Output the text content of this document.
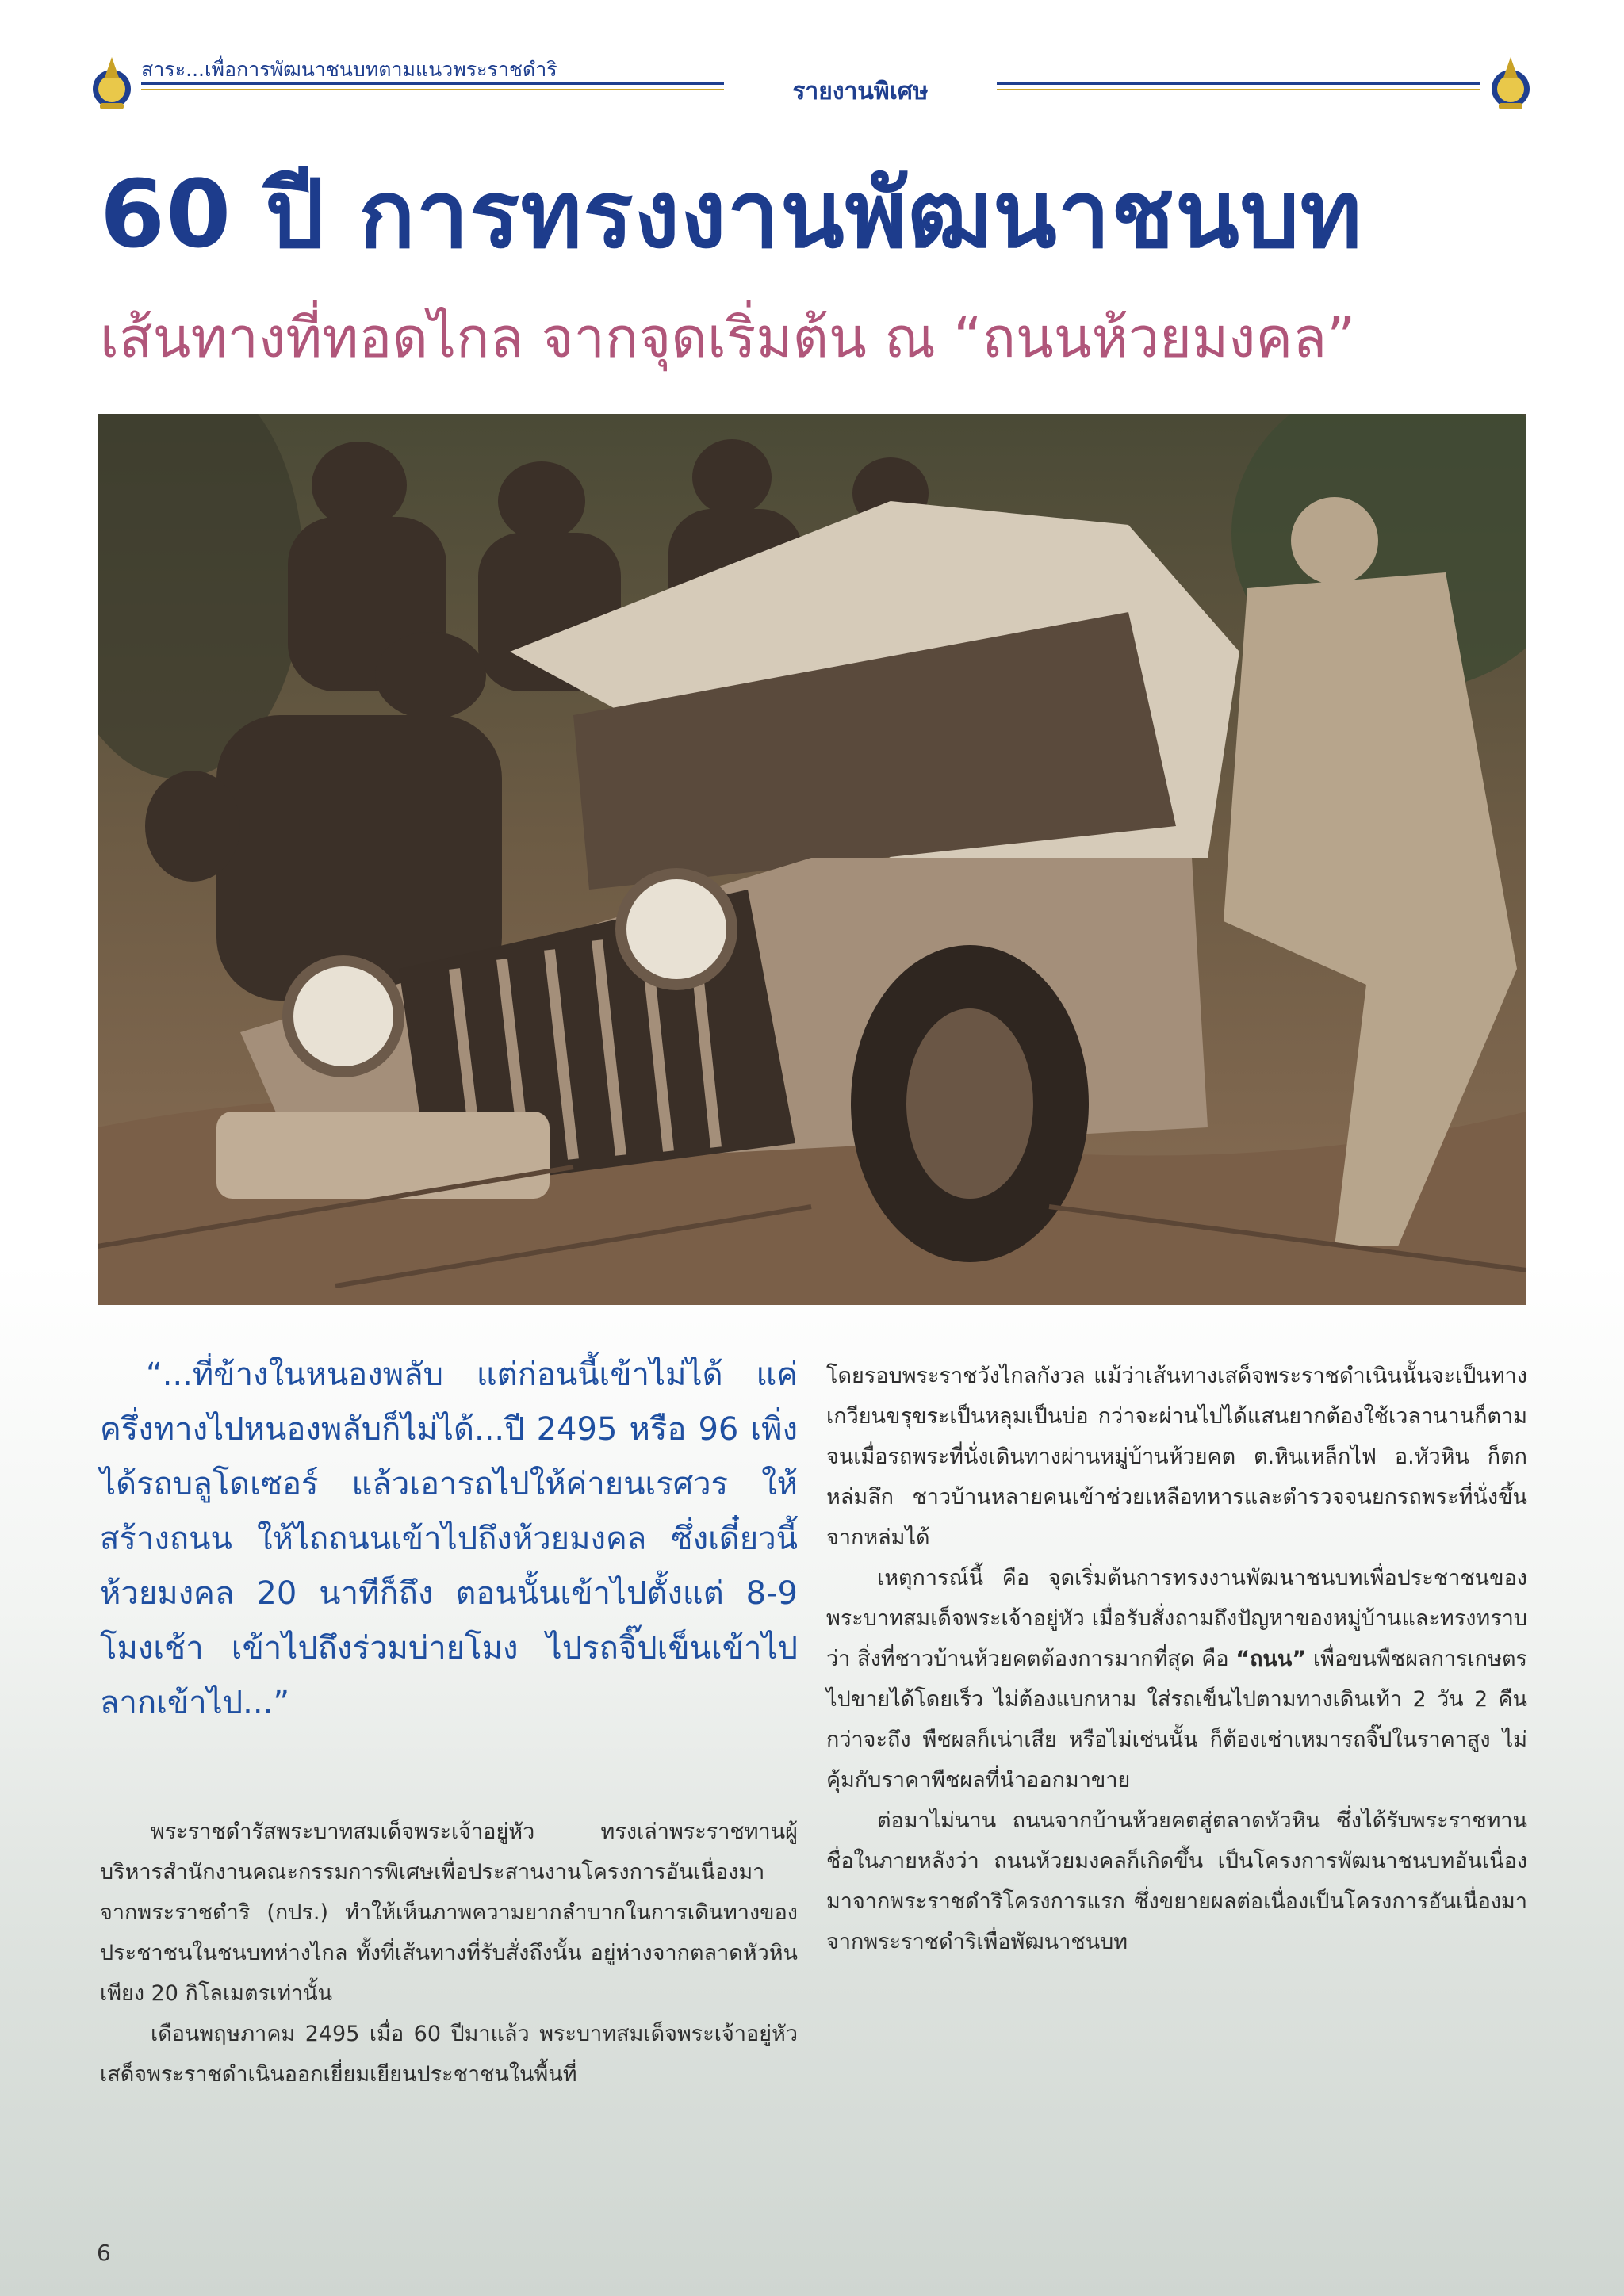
สาระ...เพื่อการพัฒนาชนบทตามแนวพระราชดำริ
รายงานพิเศษ
60 ปี การทรงงานพัฒนาชนบท
เส้นทางที่ทอดไกล จากจุดเริ่มต้น ณ “ถนนห้วยมงคล”
“...ที่ข้างในหนองพลับ แต่ก่อนนี้เข้าไม่ได้ แค่ครึ่งทางไปหนองพลับก็ไม่ได้...ปี 2495 หรือ 96 เพิ่งได้รถบลูโดเซอร์ แล้วเอารถไปให้ค่ายนเรศวร ให้สร้างถนน ให้ไถถนนเข้าไปถึงห้วยมงคล ซึ่งเดี๋ยวนี้ ห้วยมงคล 20 นาทีก็ถึง ตอนนั้นเข้าไปตั้งแต่ 8-9 โมงเช้า เข้าไปถึงร่วมบ่ายโมง ไปรถจิ๊ปเข็นเข้าไป ลากเข้าไป...”

พระราชดำรัสพระบาทสมเด็จพระเจ้าอยู่หัว ทรงเล่าพระราชทานผู้บริหารสำนักงานคณะกรรมการพิเศษเพื่อประสานงานโครงการอันเนื่องมาจากพระราชดำริ (กปร.) ทำให้เห็นภาพความยากลำบากในการเดินทางของประชาชนในชนบทห่างไกล ทั้งที่เส้นทางที่รับสั่งถึงนั้น อยู่ห่างจากตลาดหัวหินเพียง 20 กิโลเมตรเท่านั้น

เดือนพฤษภาคม 2495 เมื่อ 60 ปีมาแล้ว พระบาทสมเด็จพระเจ้าอยู่หัว เสด็จพระราชดำเนินออกเยี่ยมเยียนประชาชนในพื้นที่

โดยรอบพระราชวังไกลกังวล แม้ว่าเส้นทางเสด็จพระราชดำเนินนั้นจะเป็นทางเกวียนขรุขระเป็นหลุมเป็นบ่อ กว่าจะผ่านไปได้แสนยากต้องใช้เวลานานก็ตาม จนเมื่อรถพระที่นั่งเดินทางผ่านหมู่บ้านห้วยคต ต.หินเหล็กไฟ อ.หัวหิน ก็ตกหล่มลึก ชาวบ้านหลายคนเข้าช่วยเหลือทหารและตำรวจจนยกรถพระที่นั่งขึ้นจากหล่มได้

เหตุการณ์นี้ คือ จุดเริ่มต้นการทรงงานพัฒนาชนบทเพื่อประชาชนของพระบาทสมเด็จพระเจ้าอยู่หัว เมื่อรับสั่งถามถึงปัญหาของหมู่บ้านและทรงทราบว่า สิ่งที่ชาวบ้านห้วยคตต้องการมากที่สุด คือ “ถนน” เพื่อขนพืชผลการเกษตรไปขายได้โดยเร็ว ไม่ต้องแบกหาม ใส่รถเข็นไปตามทางเดินเท้า 2 วัน 2 คืน กว่าจะถึง พืชผลก็เน่าเสีย หรือไม่เช่นนั้น ก็ต้องเช่าเหมารถจิ๊ปในราคาสูง ไม่คุ้มกับราคาพืชผลที่นำออกมาขาย

ต่อมาไม่นาน ถนนจากบ้านห้วยคตสู่ตลาดหัวหิน ซึ่งได้รับพระราชทานชื่อในภายหลังว่า ถนนห้วยมงคลก็เกิดขึ้น เป็นโครงการพัฒนาชนบทอันเนื่องมาจากพระราชดำริโครงการแรก ซึ่งขยายผลต่อเนื่องเป็นโครงการอันเนื่องมาจากพระราชดำริเพื่อพัฒนาชนบท

6
